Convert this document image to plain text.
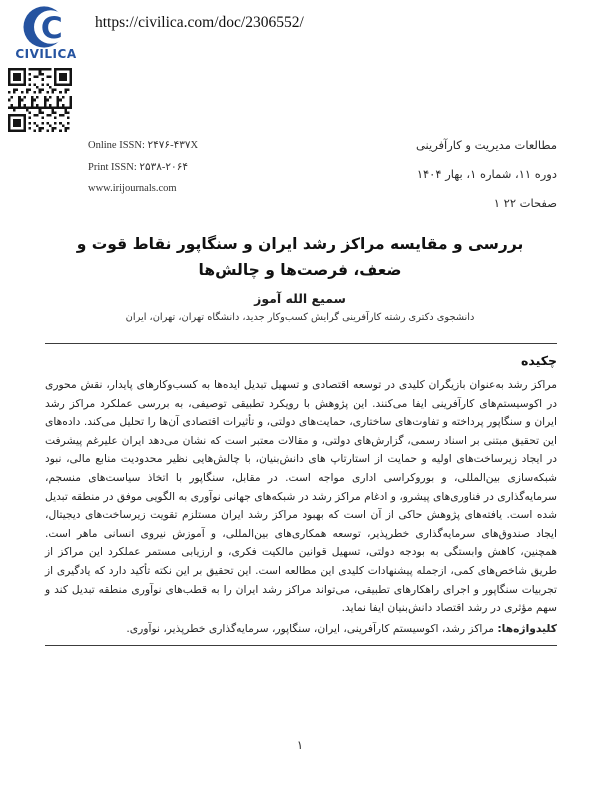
C
CIVILICA
https://civilica.com/doc/2306552/
Online ISSN: ۲۴۷۶-۴۳۷X
Print ISSN: ۲۵۳۸-۲۰۶۴
www.irijournals.com
مطالعات مدیریت و کارآفرینی
دوره ۱۱، شماره ۱، بهار ۱۴۰۴
صفحات ۲۲ ۱
بررسی و مقایسه مراکز رشد ایران و سنگاپور نقاط قوت و ضعف، فرصت‌ها و چالش‌ها
سمیع الله آموز
دانشجوی دکتری رشته کارآفرینی گرایش کسب‌وکار جدید، دانشگاه تهران، تهران، ایران
چکیده

مراکز رشد به‌عنوان بازیگران کلیدی در توسعه اقتصادی و تسهیل تبدیل ایده‌ها به کسب‌وکارهای پایدار، نقش محوری در اکوسیستم‌های کارآفرینی ایفا می‌کنند. این پژوهش با رویکرد تطبیقی توصیفی، به بررسی عملکرد مراکز رشد ایران و سنگاپور پرداخته و تفاوت‌های ساختاری، حمایت‌های دولتی، و تأثیرات اقتصادی آن‌ها را تحلیل می‌کند. داده‌های این تحقیق مبتنی بر اسناد رسمی، گزارش‌های دولتی، و مقالات معتبر است که نشان می‌دهد ایران علیرغم پیشرفت در ایجاد زیرساخت‌های اولیه و حمایت از استارتاپ های دانش‌بنیان، با چالش‌هایی نظیر محدودیت منابع مالی، نبود شبکه‌سازی بین‌المللی، و بوروکراسی اداری مواجه است. در مقابل، سنگاپور با اتخاذ سیاست‌های منسجم، سرمایه‌گذاری در فناوری‌های پیشرو، و ادغام مراکز رشد در شبکه‌های جهانی نوآوری به الگویی موفق در منطقه تبدیل شده است. یافته‌های پژوهش حاکی از آن است که بهبود مراکز رشد ایران مستلزم تقویت زیرساخت‌های دیجیتال، ایجاد صندوق‌های سرمایه‌گذاری خطرپذیر، توسعه همکاری‌های بین‌المللی، و آموزش نیروی انسانی ماهر است. همچنین، کاهش وابستگی به بودجه دولتی، تسهیل قوانین مالکیت فکری، و ارزیابی مستمر عملکرد این مراکز از طریق شاخص‌های کمی، ازجمله پیشنهادات کلیدی این مطالعه است. این تحقیق بر این نکته تأکید دارد که یادگیری از تجربیات سنگاپور و اجرای راهکارهای تطبیقی، می‌تواند مراکز رشد ایران را به قطب‌های نوآوری منطقه تبدیل کند و سهم مؤثری در رشد اقتصاد دانش‌بنیان ایفا نماید.

کلیدواژه‌ها: مراکز رشد، اکوسیستم کارآفرینی، ایران، سنگاپور، سرمایه‌گذاری خطرپذیر، نوآوری.

۱
